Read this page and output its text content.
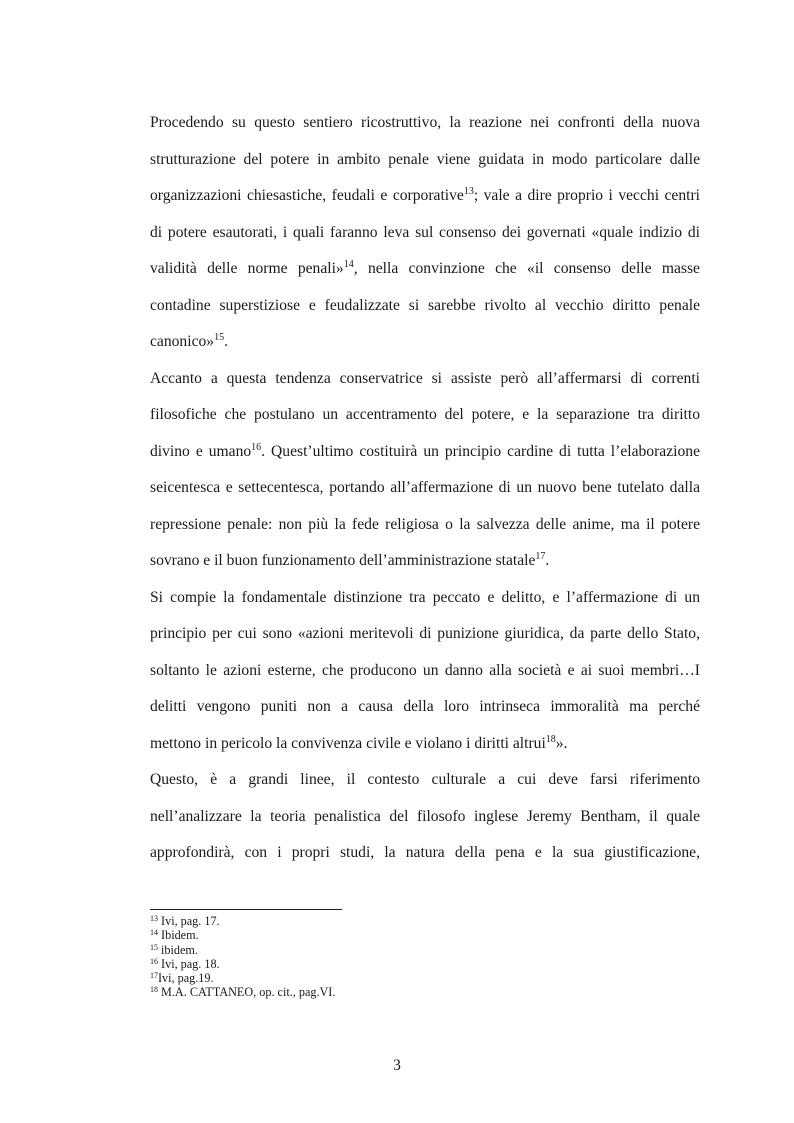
Procedendo su questo sentiero ricostruttivo, la reazione nei confronti della nuova
strutturazione del potere in ambito penale viene guidata in modo particolare dalle
organizzazioni chiesastiche, feudali e corporative$^{13}$; vale a dire proprio i vecchi centri
di potere esautorati, i quali faranno leva sul consenso dei governati «quale indizio di
validità delle norme penali»$^{14}$, nella convinzione che «il consenso delle masse
contadine superstiziose e feudalizzate si sarebbe rivolto al vecchio diritto penale
canonico»$^{15}$.
Accanto a questa tendenza conservatrice si assiste però all’affermarsi di correnti
filosofiche che postulano un accentramento del potere, e la separazione tra diritto
divino e umano$^{16}$. Quest’ultimo costituirà un principio cardine di tutta l’elaborazione
seicentesca e settecentesca, portando all’affermazione di un nuovo bene tutelato dalla
repressione penale: non più la fede religiosa o la salvezza delle anime, ma il potere
sovrano e il buon funzionamento dell’amministrazione statale$^{17}$.
Si compie la fondamentale distinzione tra peccato e delitto, e l’affermazione di un
principio per cui sono «azioni meritevoli di punizione giuridica, da parte dello Stato,
soltanto le azioni esterne, che producono un danno alla società e ai suoi membri…I
delitti vengono puniti non a causa della loro intrinseca immoralità ma perché
mettono in pericolo la convivenza civile e violano i diritti altrui$^{18}$».
Questo, è a grandi linee, il contesto culturale a cui deve farsi riferimento
nell’analizzare la teoria penalistica del filosofo inglese Jeremy Bentham, il quale
approfondirà, con i propri studi, la natura della pena e la sua giustificazione,
$^{13}$ Ivi, pag. 17.
$^{14}$ Ibidem.
$^{15}$ ibidem.
$^{16}$ Ivi, pag. 18.
$^{17}$Ivi, pag.19.
$^{18}$ M.A. CATTANEO, op. cit., pag.VI.
3
